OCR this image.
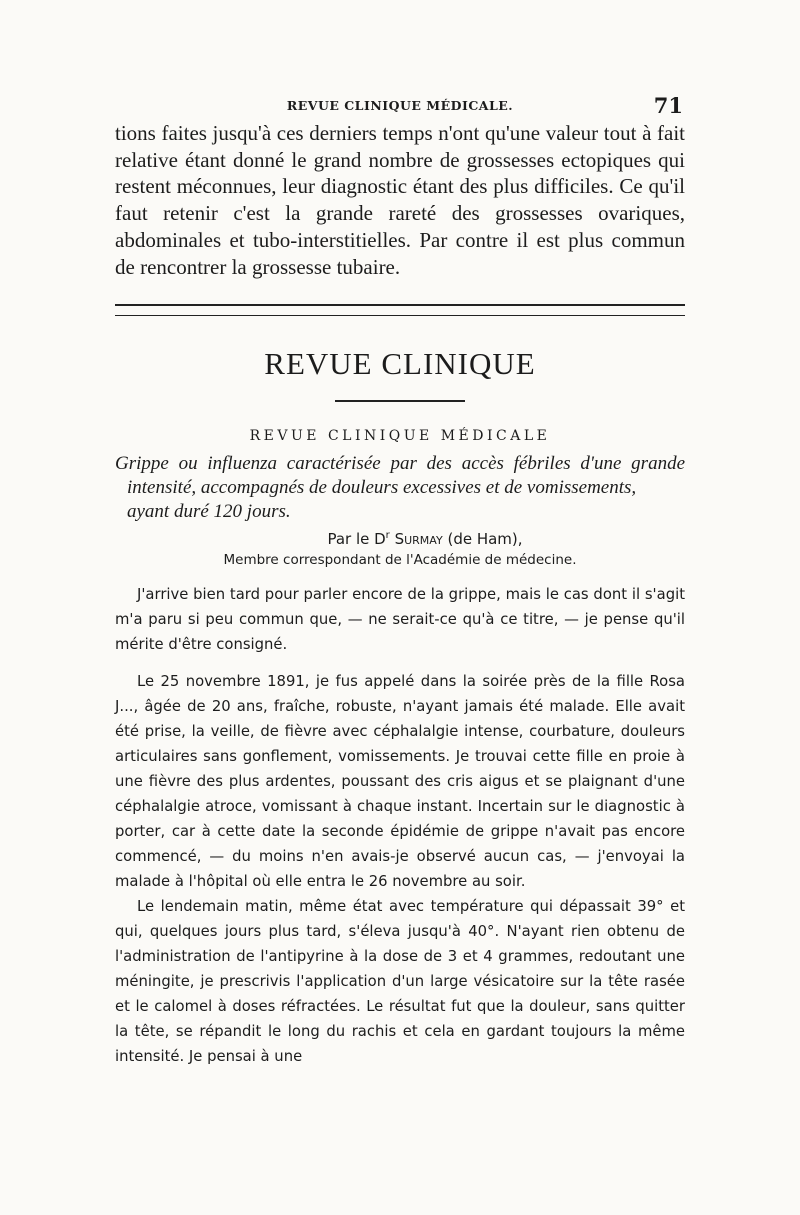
REVUE CLINIQUE MÉDICALE.	71

tions faites jusqu'à ces derniers temps n'ont qu'une valeur tout à fait relative étant donné le grand nombre de grossesses ectopiques qui restent méconnues, leur diagnostic étant des plus difficiles. Ce qu'il faut retenir c'est la grande rareté des grossesses ovariques, abdominales et tubo-interstitielles. Par contre il est plus commun de rencontrer la grossesse tubaire.

REVUE CLINIQUE
REVUE CLINIQUE MÉDICALE
Grippe ou influenza caractérisée par des accès fébriles d'une grande
intensité, accompagnés de douleurs excessives et de vomissements,
ayant duré 120 jours.
Par le $D^r$ Surmay (de Ham),
Membre correspondant de l'Académie de médecine.

J'arrive bien tard pour parler encore de la grippe, mais le cas dont il s'agit m'a paru si peu commun que, — ne serait-ce qu'à ce titre, — je pense qu'il mérite d'être consigné.

Le 25 novembre 1891, je fus appelé dans la soirée près de la fille Rosa J..., âgée de 20 ans, fraîche, robuste, n'ayant jamais été malade. Elle avait été prise, la veille, de fièvre avec céphalalgie intense, courbature, douleurs articulaires sans gonflement, vomissements. Je trouvai cette fille en proie à une fièvre des plus ardentes, poussant des cris aigus et se plaignant d'une céphalalgie atroce, vomissant à chaque instant. Incertain sur le diagnostic à porter, car à cette date la seconde épidémie de grippe n'avait pas encore commencé, — du moins n'en avais-je observé aucun cas, — j'envoyai la malade à l'hôpital où elle entra le 26 novembre au soir.

Le lendemain matin, même état avec température qui dépassait 39° et qui, quelques jours plus tard, s'éleva jusqu'à 40°. N'ayant rien obtenu de l'administration de l'antipyrine à la dose de 3 et 4 grammes, redoutant une méningite, je prescrivis l'application d'un large vésicatoire sur la tête rasée et le calomel à doses réfractées. Le résultat fut que la douleur, sans quitter la tête, se répandit le long du rachis et cela en gardant toujours la même intensité. Je pensai à une
